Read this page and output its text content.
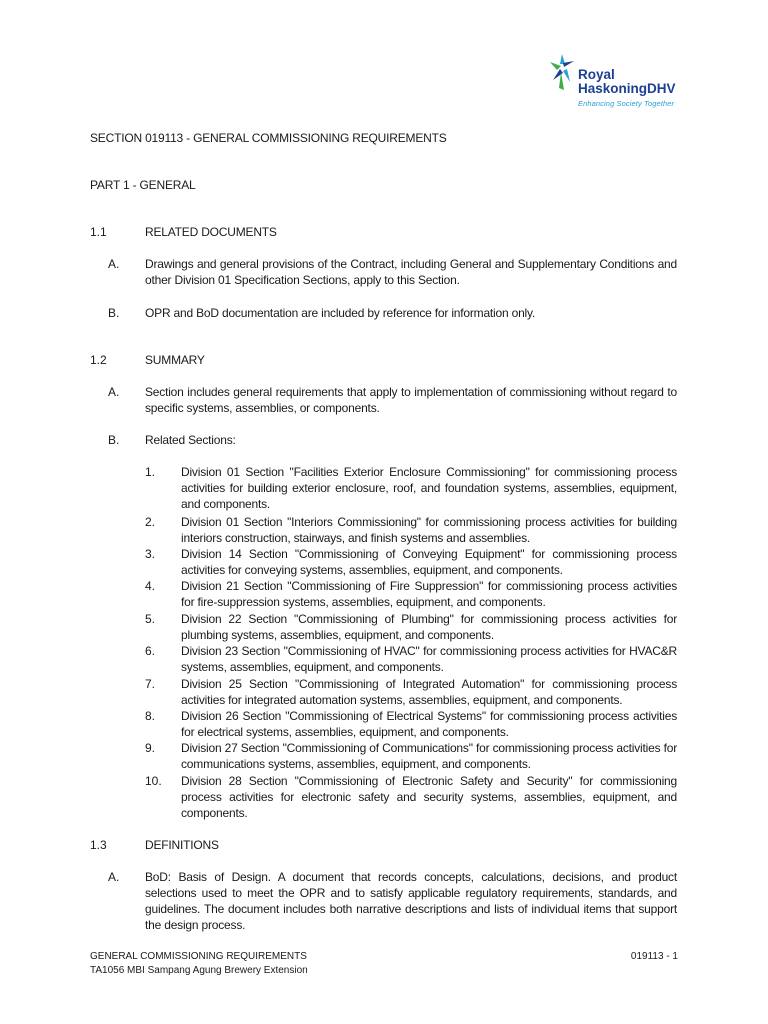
Royal
HaskoningDHV
Enhancing Society Together
SECTION 019113 - GENERAL COMMISSIONING REQUIREMENTS
PART 1 - GENERAL
1.1	RELATED DOCUMENTS
A. Drawings and general provisions of the Contract, including General and Supplementary Conditions and other Division 01 Specification Sections, apply to this Section.
B. OPR and BoD documentation are included by reference for information only.
1.2	SUMMARY
A. Section includes general requirements that apply to implementation of commissioning without regard to specific systems, assemblies, or components.
B. Related Sections:
1. Division 01 Section "Facilities Exterior Enclosure Commissioning" for commissioning process activities for building exterior enclosure, roof, and foundation systems, assemblies, equipment, and components.
2. Division 01 Section "Interiors Commissioning" for commissioning process activities for building interiors construction, stairways, and finish systems and assemblies.
3. Division 14 Section "Commissioning of Conveying Equipment" for commissioning process activities for conveying systems, assemblies, equipment, and components.
4. Division 21 Section "Commissioning of Fire Suppression" for commissioning process activities for fire-suppression systems, assemblies, equipment, and components.
5. Division 22 Section "Commissioning of Plumbing" for commissioning process activities for plumbing systems, assemblies, equipment, and components.
6. Division 23 Section "Commissioning of HVAC" for commissioning process activities for HVAC&R systems, assemblies, equipment, and components.
7. Division 25 Section "Commissioning of Integrated Automation" for commissioning process activities for integrated automation systems, assemblies, equipment, and components.
8. Division 26 Section "Commissioning of Electrical Systems" for commissioning process activities for electrical systems, assemblies, equipment, and components.
9. Division 27 Section "Commissioning of Communications" for commissioning process activities for communications systems, assemblies, equipment, and components.
10. Division 28 Section "Commissioning of Electronic Safety and Security" for commissioning process activities for electronic safety and security systems, assemblies, equipment, and components.
1.3	DEFINITIONS
A. BoD: Basis of Design. A document that records concepts, calculations, decisions, and product selections used to meet the OPR and to satisfy applicable regulatory requirements, standards, and guidelines. The document includes both narrative descriptions and lists of individual items that support the design process.
GENERAL COMMISSIONING REQUIREMENTS
TA1056 MBI Sampang Agung Brewery Extension
019113 - 1
